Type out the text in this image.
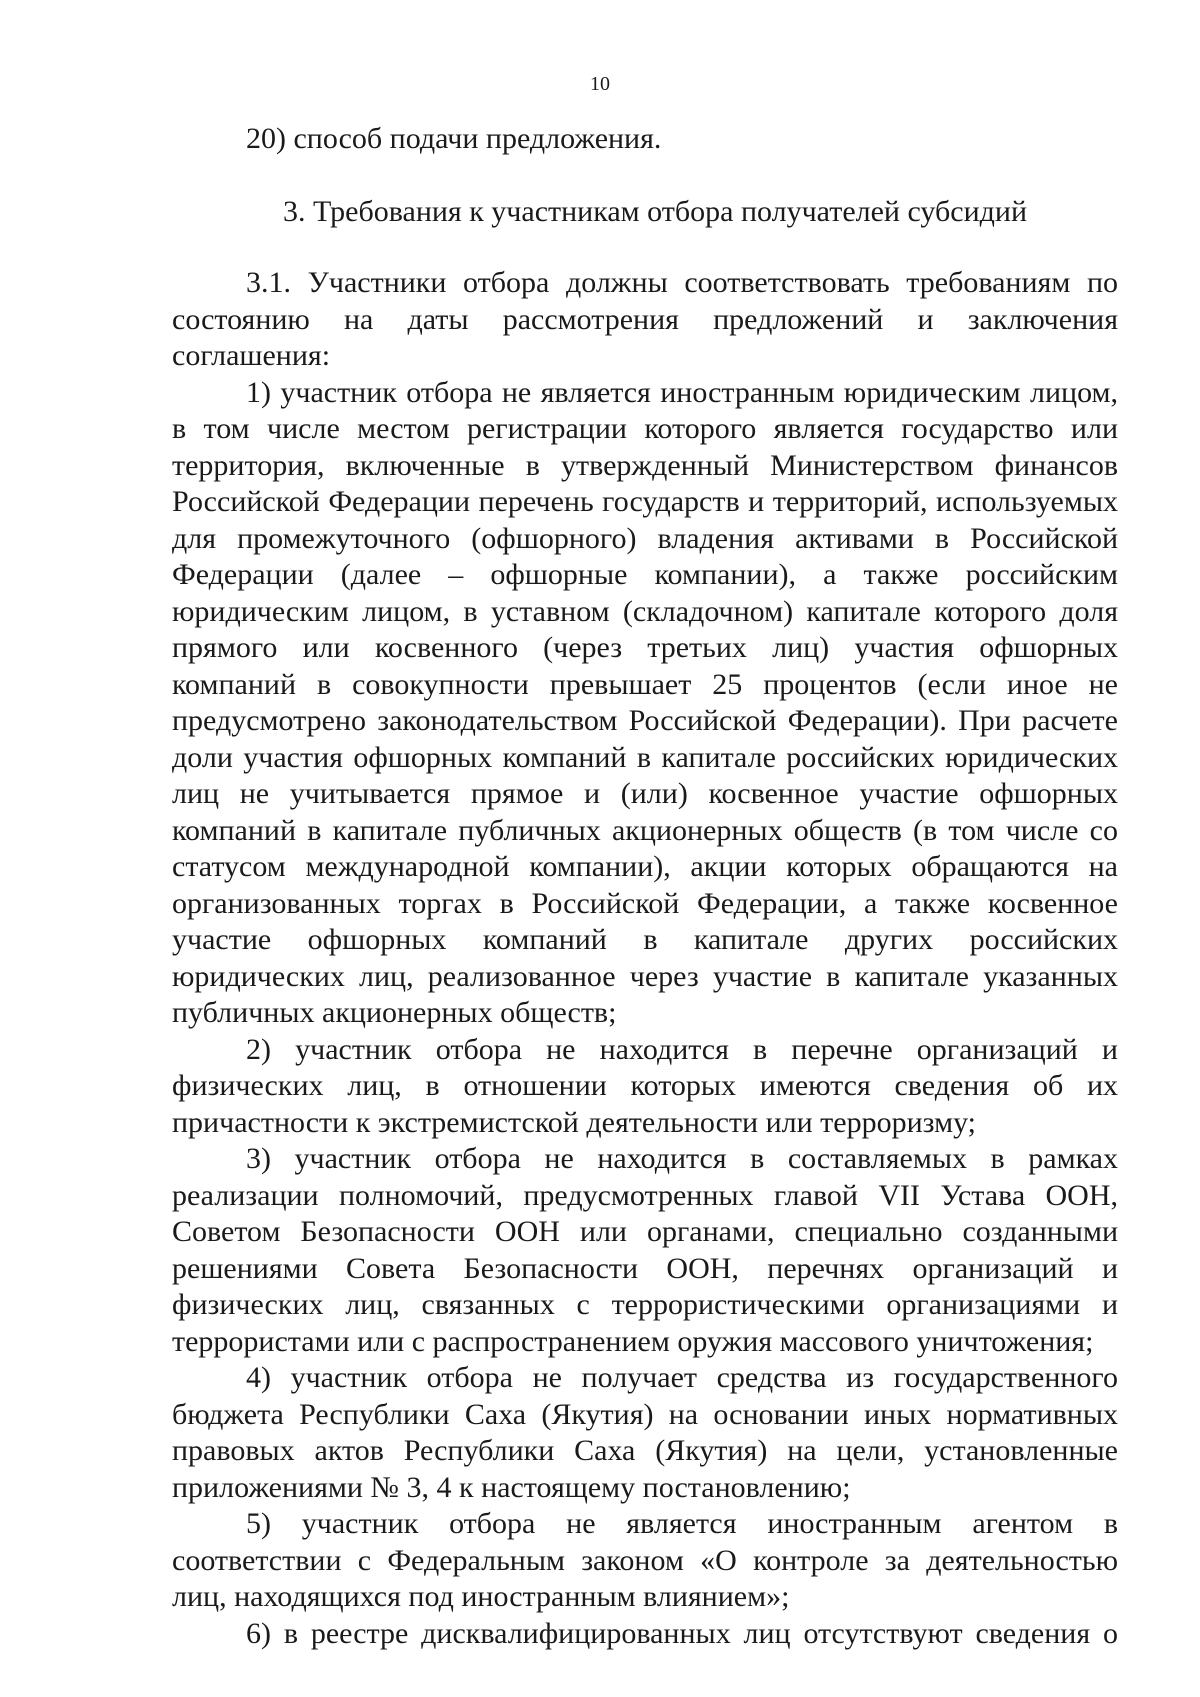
10

20) способ подачи предложения.

3. Требования к участникам отбора получателей субсидий

3.1. Участники отбора должны соответствовать требованиям по состоянию на даты рассмотрения предложений и заключения соглашения:

1) участник отбора не является иностранным юридическим лицом, в том числе местом регистрации которого является государство или территория, включенные в утвержденный Министерством финансов Российской Федерации перечень государств и территорий, используемых для промежуточного (офшорного) владения активами в Российской Федерации (далее – офшорные компании), а также российским юридическим лицом, в уставном (складочном) капитале которого доля прямого или косвенного (через третьих лиц) участия офшорных компаний в совокупности превышает 25 процентов (если иное не предусмотрено законодательством Российской Федерации). При расчете доли участия офшорных компаний в капитале российских юридических лиц не учитывается прямое и (или) косвенное участие офшорных компаний в капитале публичных акционерных обществ (в том числе со статусом международной компании), акции которых обращаются на организованных торгах в Российской Федерации, а также косвенное участие офшорных компаний в капитале других российских юридических лиц, реализованное через участие в капитале указанных публичных акционерных обществ;

2) участник отбора не находится в перечне организаций и физических лиц, в отношении которых имеются сведения об их причастности к экстремистской деятельности или терроризму;

3) участник отбора не находится в составляемых в рамках реализации полномочий, предусмотренных главой VII Устава ООН, Советом Безопасности ООН или органами, специально созданными решениями Совета Безопасности ООН, перечнях организаций и физических лиц, связанных с террористическими организациями и террористами или с распространением оружия массового уничтожения;

4) участник отбора не получает средства из государственного бюджета Республики Саха (Якутия) на основании иных нормативных правовых актов Республики Саха (Якутия) на цели, установленные приложениями № 3, 4 к настоящему постановлению;

5) участник отбора не является иностранным агентом в соответствии с Федеральным законом «О контроле за деятельностью лиц, находящихся под иностранным влиянием»;

6) в реестре дисквалифицированных лиц отсутствуют сведения о
